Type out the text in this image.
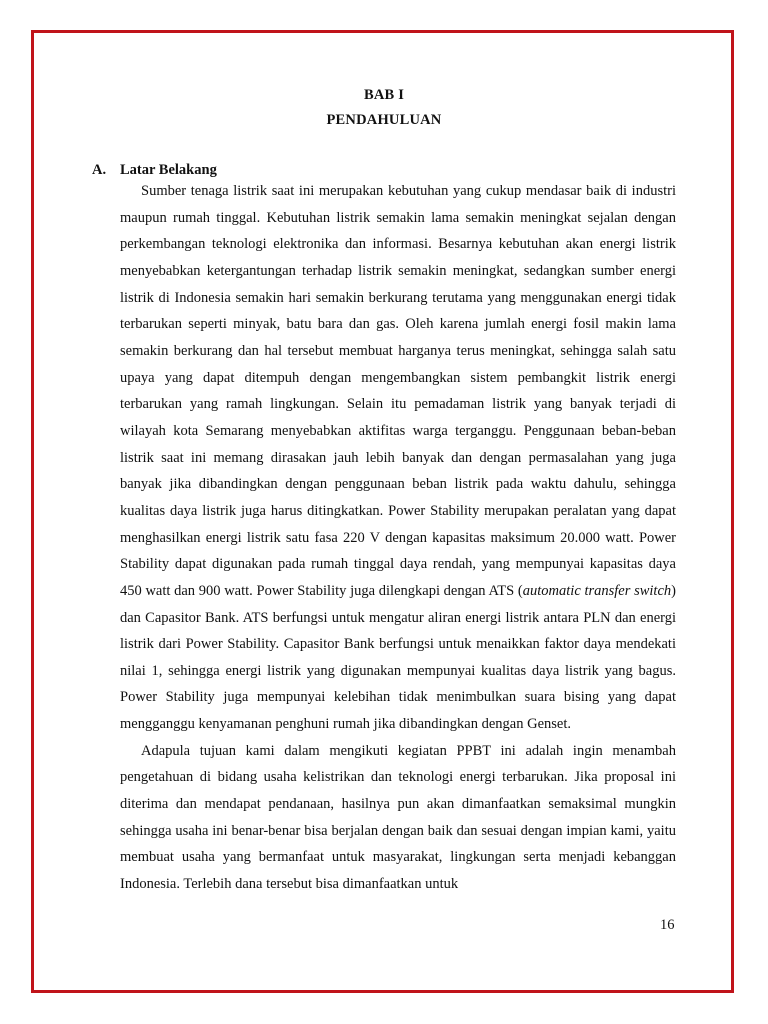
BAB I
PENDAHULUAN
A. Latar Belakang

Sumber tenaga listrik saat ini merupakan kebutuhan yang cukup mendasar baik di industri maupun rumah tinggal. Kebutuhan listrik semakin lama semakin meningkat sejalan dengan perkembangan teknologi elektronika dan informasi. Besarnya kebutuhan akan energi listrik menyebabkan ketergantungan terhadap listrik semakin meningkat, sedangkan sumber energi listrik di Indonesia semakin hari semakin berkurang terutama yang menggunakan energi tidak terbarukan seperti minyak, batu bara dan gas. Oleh karena jumlah energi fosil makin lama semakin berkurang dan hal tersebut membuat harganya terus meningkat, sehingga salah satu upaya yang dapat ditempuh dengan mengembangkan sistem pembangkit listrik energi terbarukan yang ramah lingkungan. Selain itu pemadaman listrik yang banyak terjadi di wilayah kota Semarang menyebabkan aktifitas warga terganggu. Penggunaan beban-beban listrik saat ini memang dirasakan jauh lebih banyak dan dengan permasalahan yang juga banyak jika dibandingkan dengan penggunaan beban listrik pada waktu dahulu, sehingga kualitas daya listrik juga harus ditingkatkan. Power Stability merupakan peralatan yang dapat menghasilkan energi listrik satu fasa 220 V dengan kapasitas maksimum 20.000 watt. Power Stability dapat digunakan pada rumah tinggal daya rendah, yang mempunyai kapasitas daya 450 watt dan 900 watt. Power Stability juga dilengkapi dengan ATS (automatic transfer switch) dan Capasitor Bank. ATS berfungsi untuk mengatur aliran energi listrik antara PLN dan energi listrik dari Power Stability. Capasitor Bank berfungsi untuk menaikkan faktor daya mendekati nilai 1, sehingga energi listrik yang digunakan mempunyai kualitas daya listrik yang bagus. Power Stability juga mempunyai kelebihan tidak menimbulkan suara bising yang dapat mengganggu kenyamanan penghuni rumah jika dibandingkan dengan Genset.

Adapula tujuan kami dalam mengikuti kegiatan PPBT ini adalah ingin menambah pengetahuan di bidang usaha kelistrikan dan teknologi energi terbarukan. Jika proposal ini diterima dan mendapat pendanaan, hasilnya pun akan dimanfaatkan semaksimal mungkin sehingga usaha ini benar-benar bisa berjalan dengan baik dan sesuai dengan impian kami, yaitu membuat usaha yang bermanfaat untuk masyarakat, lingkungan serta menjadi kebanggan Indonesia. Terlebih dana tersebut bisa dimanfaatkan untuk

16
